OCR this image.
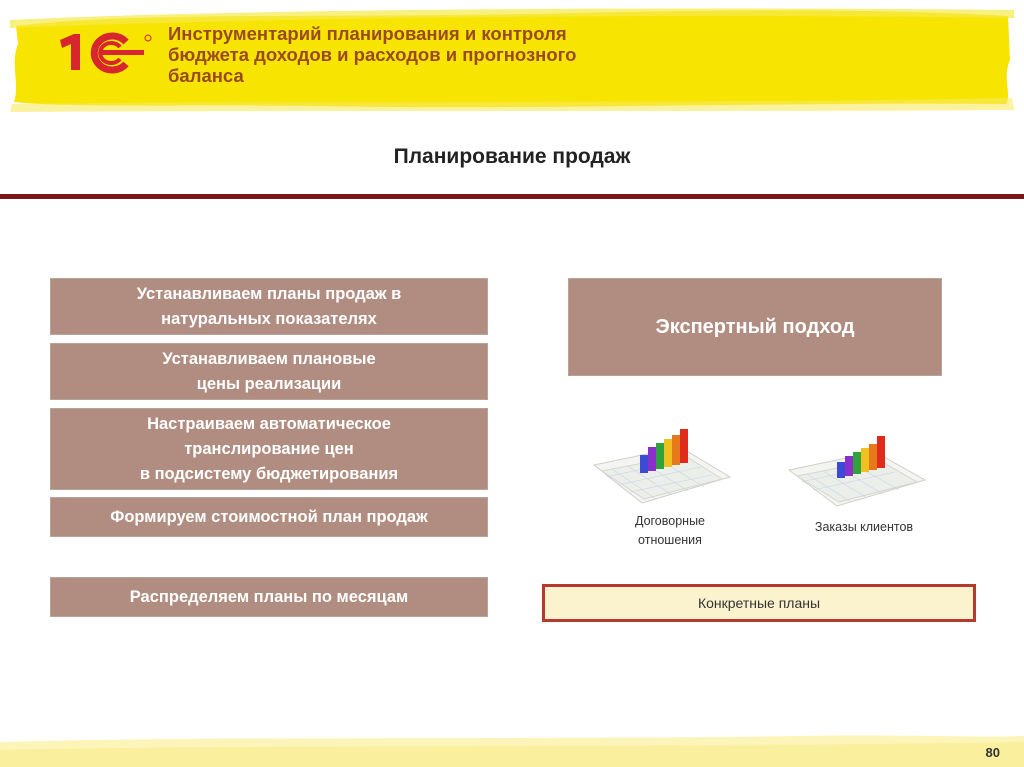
Инструментарий планирования и контроля
бюджета доходов и расходов и прогнозного
баланса
Планирование продаж
Устанавливаем планы продаж в
натуральных показателях
Устанавливаем плановые
цены реализации
Настраиваем автоматическое
транслирование цен
в подсистему бюджетирования
Формируем стоимостной план продаж
Распределяем планы по месяцам
Экспертный подход
Договорные
отношения
Заказы клиентов
Конкретные планы
80
